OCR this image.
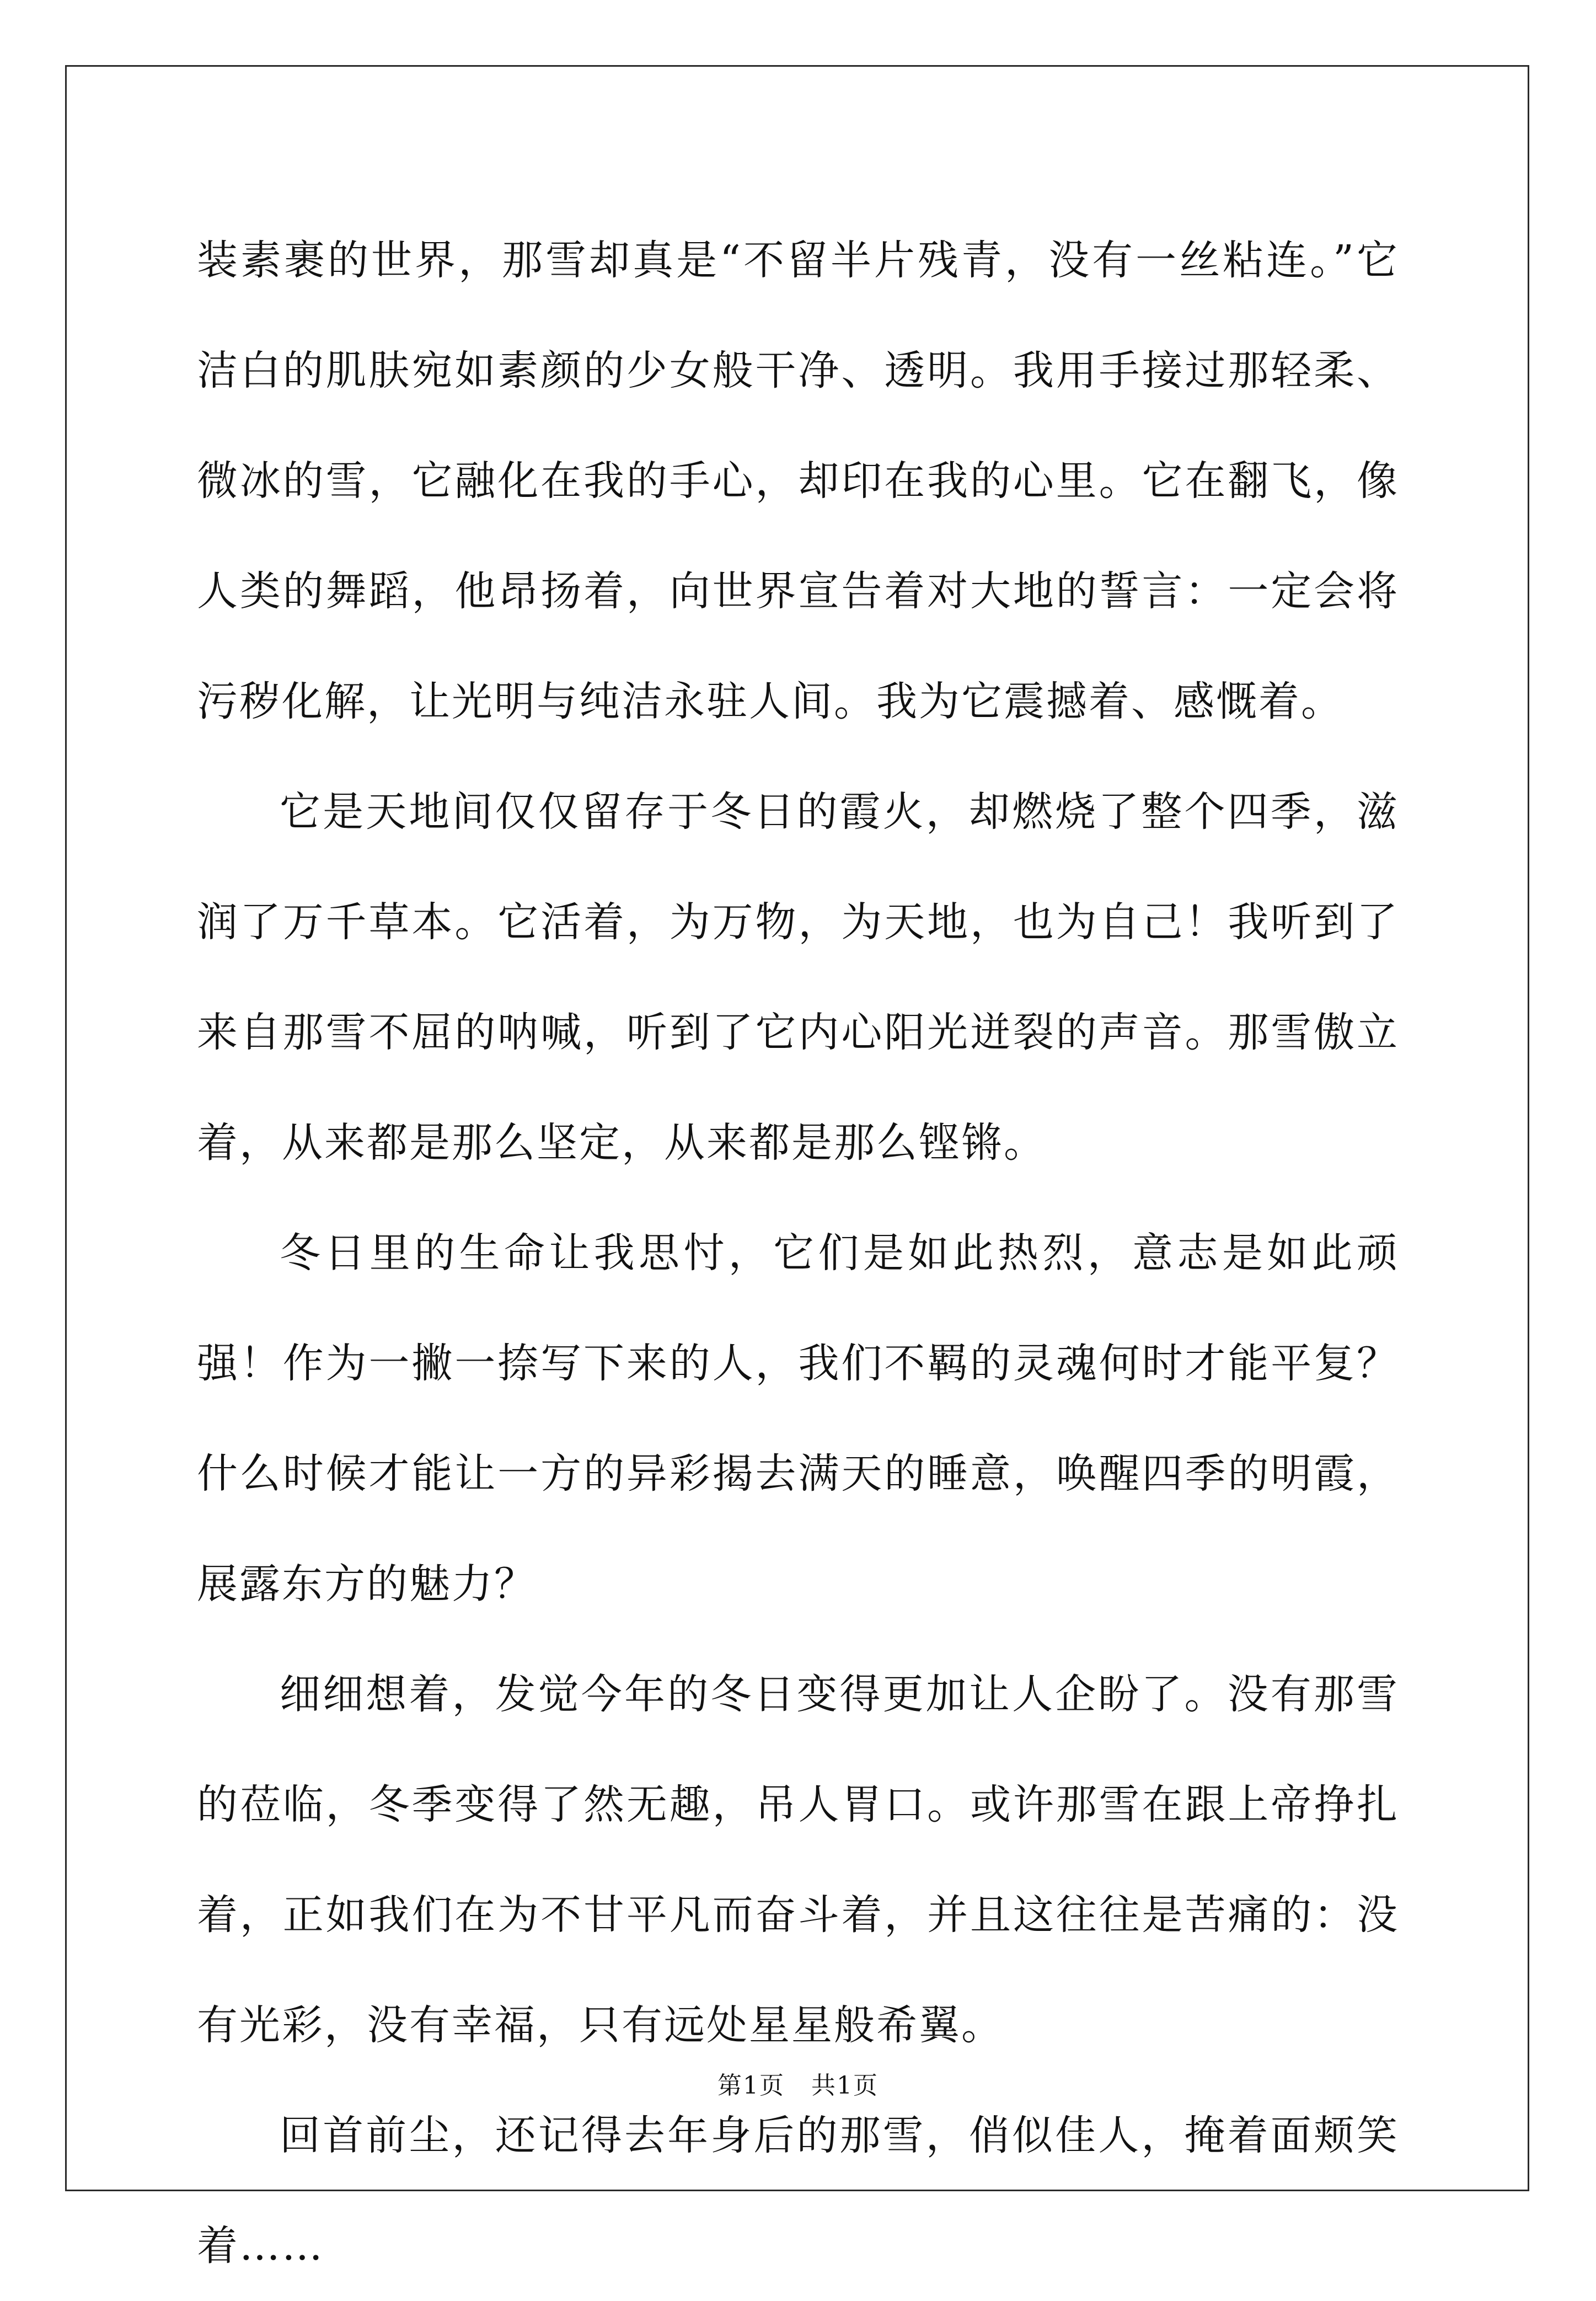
装素裹的世界，那雪却真是“不留半片残青，没有一丝粘连。”它洁白的肌肤宛如素颜的少女般干净、透明。我用手接过那轻柔、微冰的雪，它融化在我的手心，却印在我的心里。它在翻飞，像人类的舞蹈，他昂扬着，向世界宣告着对大地的誓言：一定会将污秽化解，让光明与纯洁永驻人间。我为它震撼着、感慨着。

它是天地间仅仅留存于冬日的霞火，却燃烧了整个四季，滋润了万千草本。它活着，为万物，为天地，也为自己！我听到了来自那雪不屈的呐喊，听到了它内心阳光迸裂的声音。那雪傲立着，从来都是那么坚定，从来都是那么铿锵。

冬日里的生命让我思忖，它们是如此热烈，意志是如此顽强！作为一撇一捺写下来的人，我们不羁的灵魂何时才能平复？什么时候才能让一方的异彩揭去满天的睡意，唤醒四季的明霞，展露东方的魅力？

细细想着，发觉今年的冬日变得更加让人企盼了。没有那雪的莅临，冬季变得了然无趣，吊人胃口。或许那雪在跟上帝挣扎着，正如我们在为不甘平凡而奋斗着，并且这往往是苦痛的：没有光彩，没有幸福，只有远处星星般希翼。

回首前尘，还记得去年身后的那雪，俏似佳人，掩着面颊笑着……

第1页 共1页
